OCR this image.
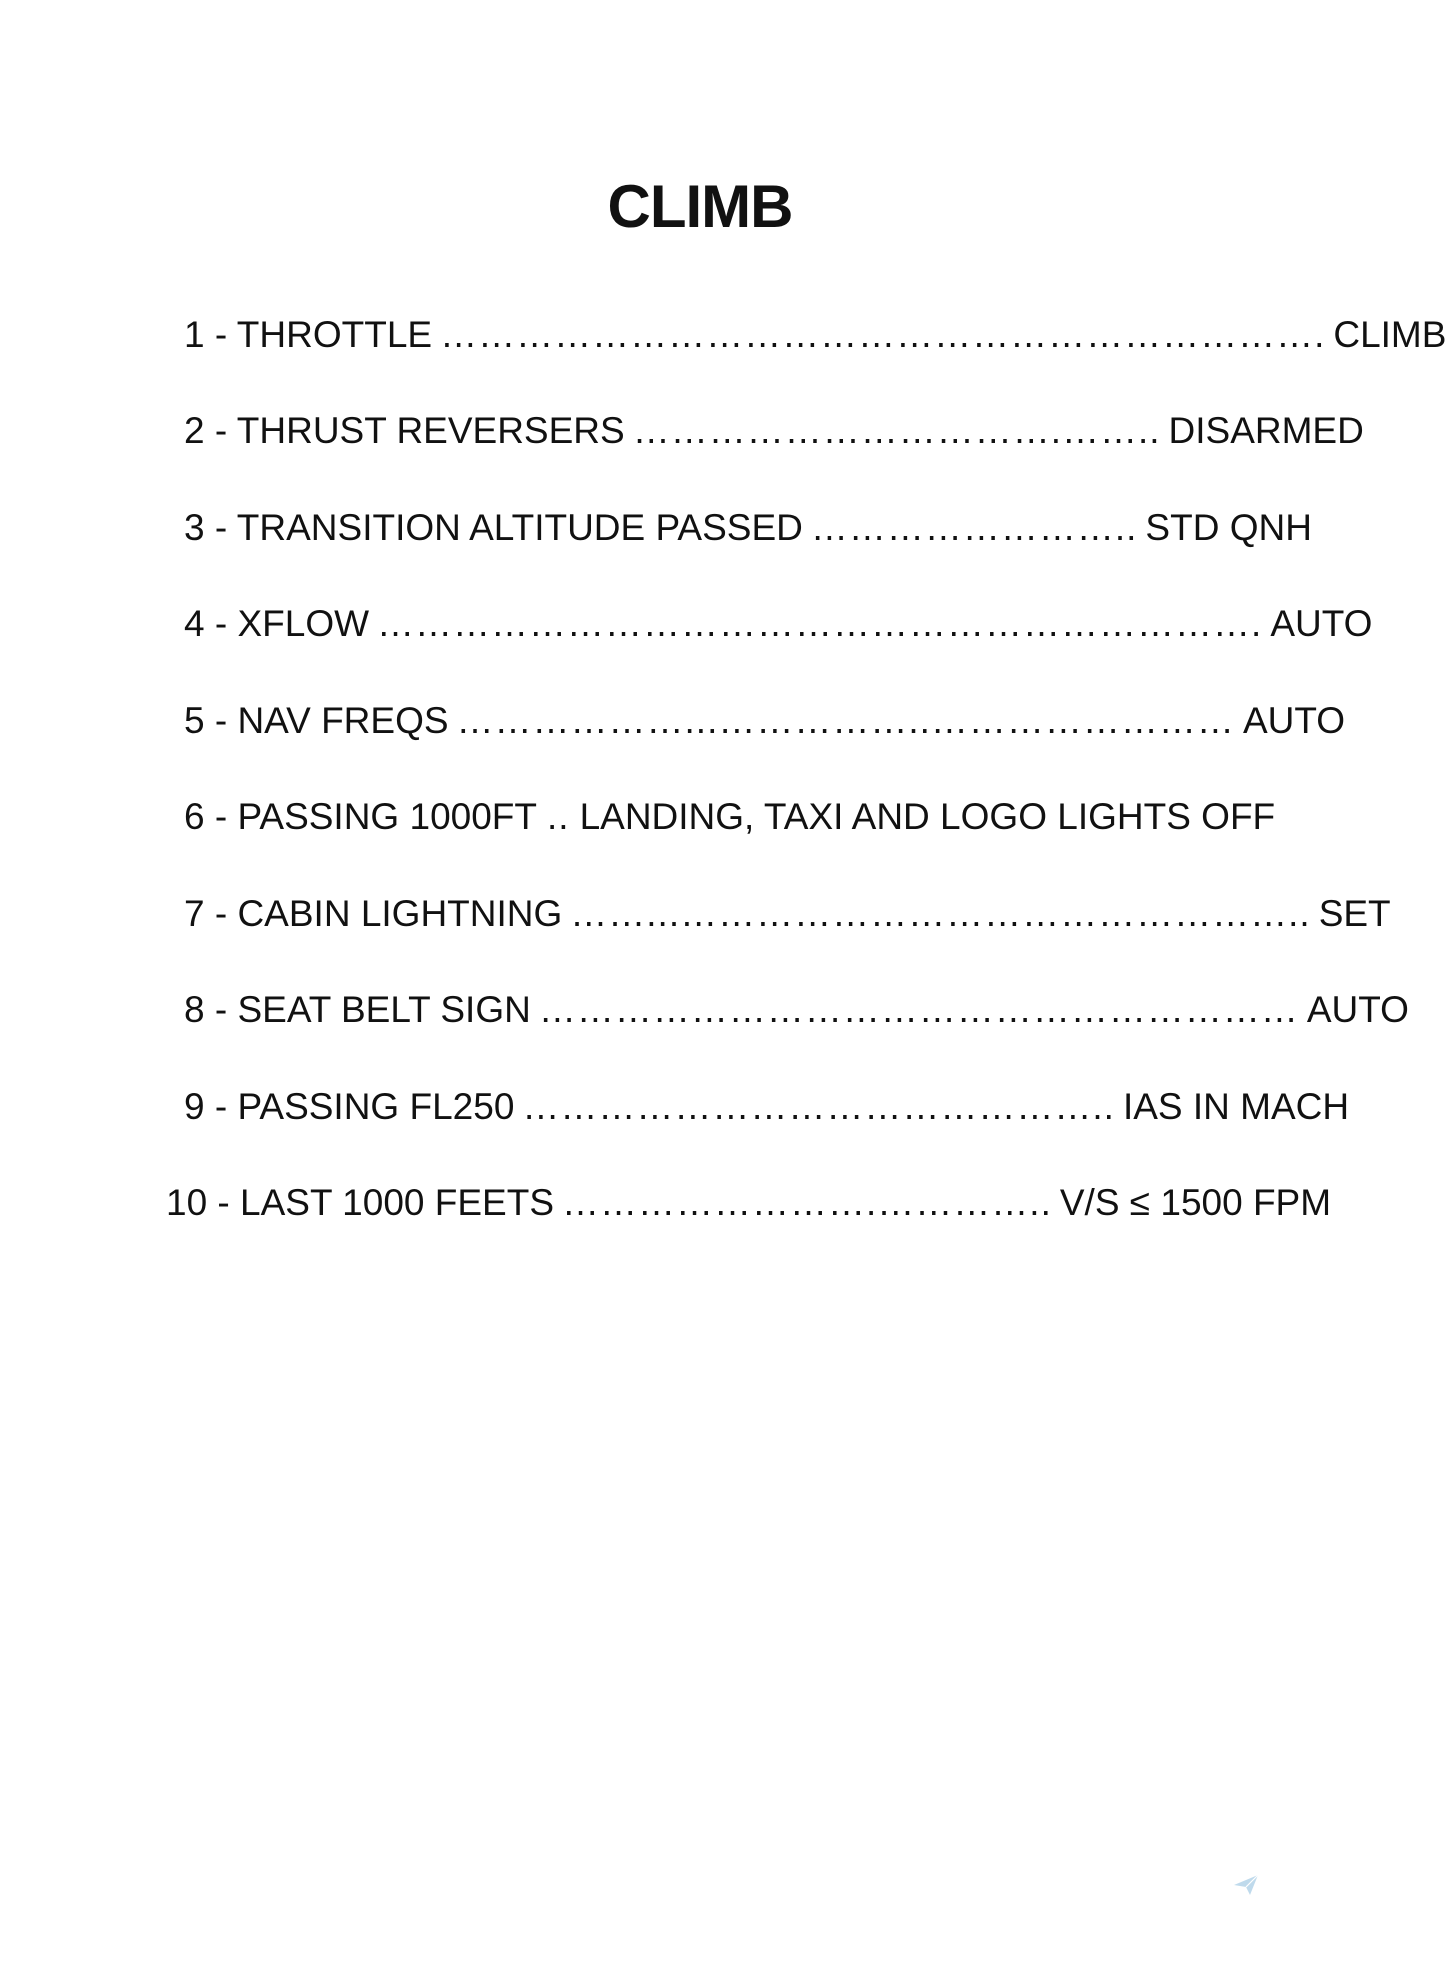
CLIMB
1 - THROTTLE ……………………………………………………………. CLIMB
2 - THRUST REVERSERS …………………………….…….. DISARMED
3 - TRANSITION ALTITUDE PASSED …………………….. STD QNH
4 - XFLOW ……………………………………………………………. AUTO
5 - NAV FREQS ………………...……………..…………………… AUTO
6 - PASSING 1000FT .. LANDING, TAXI AND LOGO LIGHTS OFF
7 - CABIN LIGHTNING ……...………………………………………….. SET
8 - SEAT BELT SIGN …………………………………………………… AUTO
9 - PASSING FL250 ……………………………………….. IAS IN MACH
10 - LAST 1000 FEETS …………………….………….. V/S ≤ 1500 FPM
